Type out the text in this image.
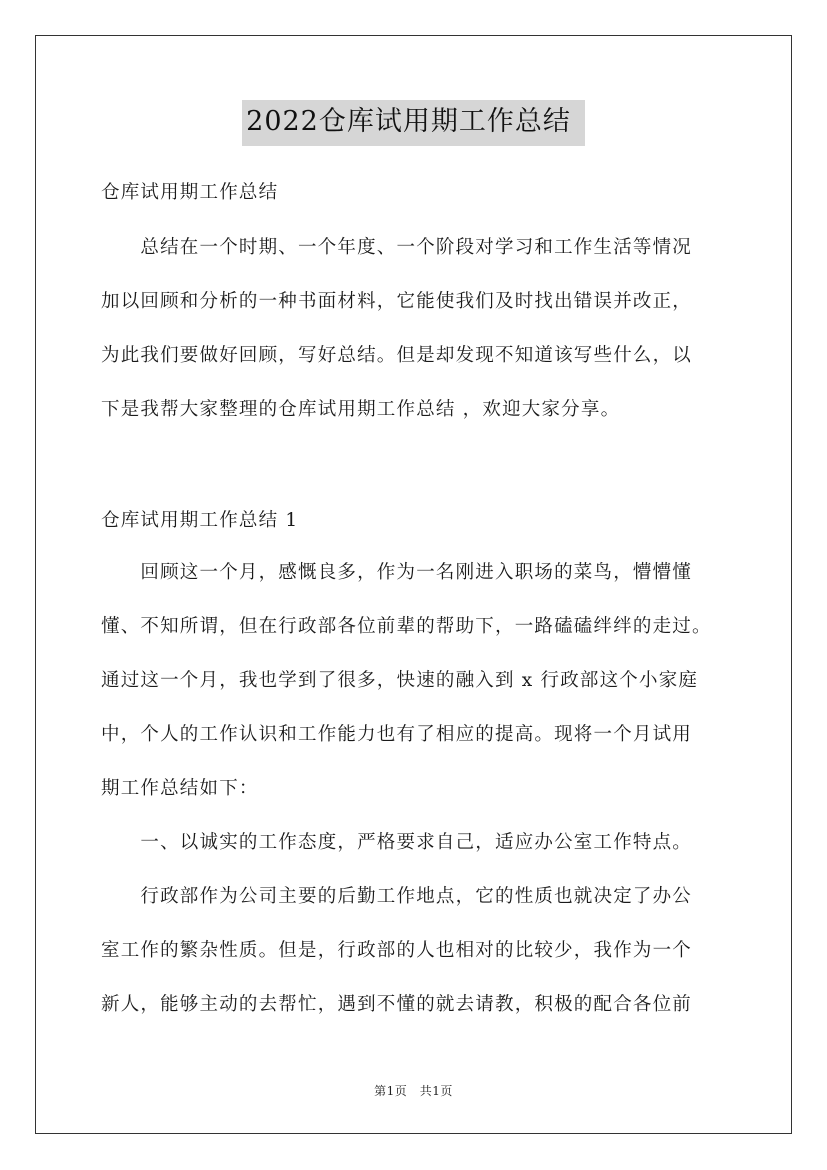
2022仓库试用期工作总结
仓库试用期工作总结
　　总结在一个时期、一个年度、一个阶段对学习和工作生活等情况
加以回顾和分析的一种书面材料，它能使我们及时找出错误并改正，
为此我们要做好回顾，写好总结。但是却发现不知道该写些什么，以
下是我帮大家整理的仓库试用期工作总结 ，欢迎大家分享。
仓库试用期工作总结 1
　　回顾这一个月，感慨良多，作为一名刚进入职场的菜鸟，懵懵懂
懂、不知所谓，但在行政部各位前辈的帮助下，一路磕磕绊绊的走过。
通过这一个月，我也学到了很多，快速的融入到 x 行政部这个小家庭
中，个人的工作认识和工作能力也有了相应的提高。现将一个月试用
期工作总结如下：
　　一、以诚实的工作态度，严格要求自己，适应办公室工作特点。
　　行政部作为公司主要的后勤工作地点，它的性质也就决定了办公
室工作的繁杂性质。但是，行政部的人也相对的比较少，我作为一个
新人，能够主动的去帮忙，遇到不懂的就去请教，积极的配合各位前
第1页　共1页
